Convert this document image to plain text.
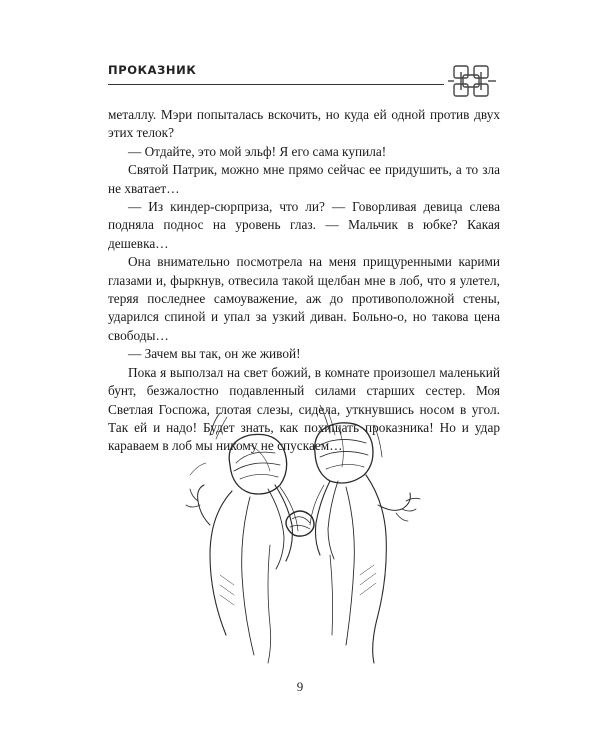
ПРОКАЗНИК

металлу. Мэри попыталась вскочить, но куда ей одной против двух этих телок?

— Отдайте, это мой эльф! Я его сама купила!

Святой Патрик, можно мне прямо сейчас ее придушить, а то зла не хватает…

— Из киндер-сюрприза, что ли? — Говорливая девица слева подняла поднос на уровень глаз. — Мальчик в юбке? Какая дешевка…

Она внимательно посмотрела на меня прищуренными карими глазами и, фыркнув, отвесила такой щелбан мне в лоб, что я улетел, теряя последнее самоуважение, аж до противоположной стены, ударился спиной и упал за узкий диван. Больно-о, но такова цена свободы…

— Зачем вы так, он же живой!

Пока я выползал на свет божий, в комнате произошел маленький бунт, безжалостно подавленный силами старших сестер. Моя Светлая Госпожа, глотая слезы, сидела, уткнувшись носом в угол. Так ей и надо! Будет знать, как похищать проказника! Но и удар караваем в лоб мы никому не спускаем…

9
